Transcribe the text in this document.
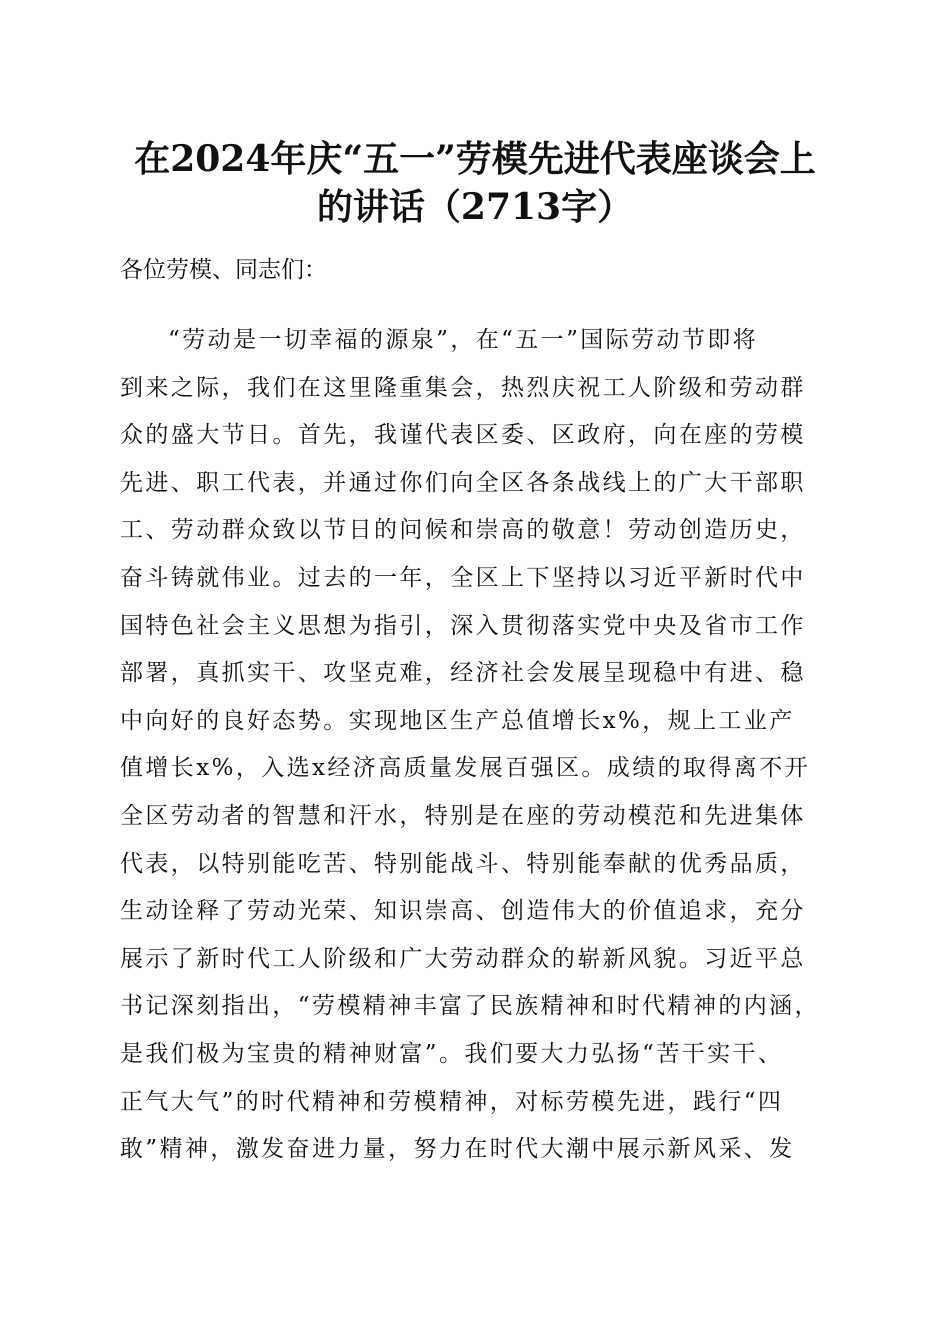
在2024年庆“五一”劳模先进代表座谈会上
的讲话（2713字）

各位劳模、同志们：

“劳动是一切幸福的源泉”，在“五一”国际劳动节即将
到来之际，我们在这里隆重集会，热烈庆祝工人阶级和劳动群
众的盛大节日。首先，我谨代表区委、区政府，向在座的劳模
先进、职工代表，并通过你们向全区各条战线上的广大干部职
工、劳动群众致以节日的问候和崇高的敬意！劳动创造历史，
奋斗铸就伟业。过去的一年，全区上下坚持以习近平新时代中
国特色社会主义思想为指引，深入贯彻落实党中央及省市工作
部署，真抓实干、攻坚克难，经济社会发展呈现稳中有进、稳
中向好的良好态势。实现地区生产总值增长x%，规上工业产
值增长x%，入选x经济高质量发展百强区。成绩的取得离不开
全区劳动者的智慧和汗水，特别是在座的劳动模范和先进集体
代表，以特别能吃苦、特别能战斗、特别能奉献的优秀品质，
生动诠释了劳动光荣、知识崇高、创造伟大的价值追求，充分
展示了新时代工人阶级和广大劳动群众的崭新风貌。习近平总
书记深刻指出，“劳模精神丰富了民族精神和时代精神的内涵，
是我们极为宝贵的精神财富”。我们要大力弘扬“苦干实干、
正气大气”的时代精神和劳模精神，对标劳模先进，践行“四
敢”精神，激发奋进力量，努力在时代大潮中展示新风采、发
